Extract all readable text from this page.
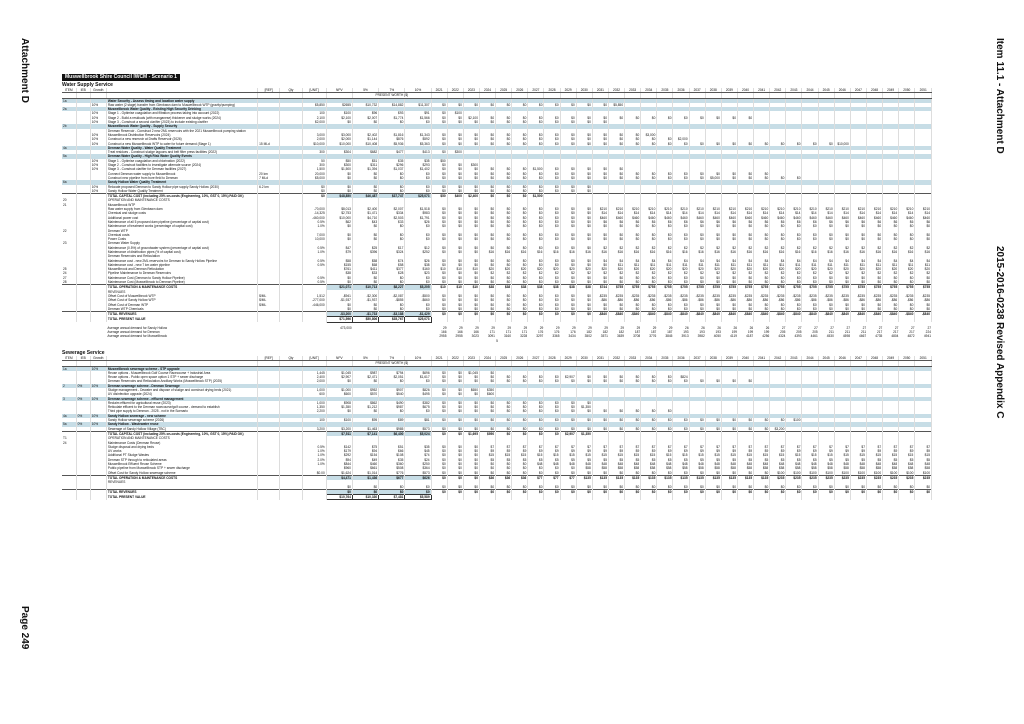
Attachment D
Page 249
Item 11.1 - Attachment D
2015-2016-0238 Revised Appendix C
Muswellbrook Shire Council IWCM - Scenario 1
Water Supply Service
ITEM	IEB	Growth		[REF]	Qty	[UNIT]	NPV	5%	7%	10%	2021	2022	2023	2024	2025	2026	2027	2028	2029	2030	2031	2032	2033	2034	2035	2036	2037	2038	2039	2040	2041	2042	2043	2044	2045	2046	2047	2048	2049	2050	2051
								PRESENT WORTH ($)																																	
1a			Water Security - Assess timing and location water supply																																						
		10%	Raw water (2 stage) transfer from Glenbawn dam to Muswellbrook WTP (gravity/pumping)			$5,850	$2655	$10,732	$14,882	$11,307	$0	$0	$0	$0	$0	$0	$0	$0	$0	$0	$0	$5,850																			
2a			Muswellbrook Water Quality - Existing High Security Drinking																																						
		10%	Stage 1 - Optimise coagulation and filtration process taking into account (2022)			100	$100	$96	$93	$91	$0	$100																													
		10%	Stage 2 - Build a residuals (with manganese) thickener and sludge works (2024)			2,100	$2,100	$2,007	$1,774	$1,566	$0	$0	$2,100	$0	$0	$0	$0	$0	$0	$0	$0	$0	$0	$0	$0	$0	$0	$0	$0	$0											
		10%	Stage 3 - Construct a second clarifier (2023) to include existing clarifier			$2,000	$0	$0	$0	$0	$0	$0	$0	$0	$0	$0	$0	$0	$0	$0	$0																				
2b			Muswellbrook Water Quality - Supply Security																																						
			Denman Reservoir - Construct 2 new 2ML reservoirs with the 2021 Muswellbrook pumping station																																						
		10%	Muswellbrook Distribution Reservoirs (2024)			3,000	$3,000	$2,402	$1,816	$1,343	$0	$0	$0	$0	$0	$0	$0	$0	$0	$0	$0	$0	$0	$3,000																	
		10%	Construct a new reservoir at Drafts Reservoir (2026)			2,000	$2,000	$1,144	$876	$592	$0	$0	$0	$0	$0	$0	$0	$0	$0	$0	$0	$0	$0	$0	$0	$2,000															
		10%	Construct a new Muswellbrook WTP to cater for future demand (Stage 1)	15 MLd		$10,000	$10,000	$10,408	$5,936	$5,363	$0	$0	$0	$0	$0	$0	$0	$0	$0	$0	$0	$0	$0	$0	$0	$0	$0	$0	$0	$0	$0	$0	$0	$0	$0	$10,000					
4a			Denman Water Quality - Water Quality Treatment																																						
			Treat residues - Construct sludge lagoons and belt filter press facilities (2022)			300	$304	$682	$477	$413	$0	$300																													
5a			Denman Water Quality - High Risk Water Quality Events																																						
		10%	Stage 1 - Optimise coagulation and chlorination (2022)			50	$50	$51	$35	$35	$50																														
		10%	Stage 2 - Construct facilities to investigate alternate source (2024)			300	$300	$311	$296	$293	$0	$0	$300																												
		10%	Stage 3 - Construct clarifier for Denman facilities (2027)			1,500	$1,500	$1,394	$1,037	$1,402	$0	$0	$0	$0	$0	$0	$1,500	$0	$0	$0	$0	$0																			
			Connect Denman water supply to Muswellbrook	20 km		20,000	$0	$0	$0	$0	$0	$0	$0	$0	$0	$0	$0	$0	$0	$0	$0	$0	$0	$0	$0	$0	$0	$0	$0	$0	$0										
			Construct new pipeline from bore field to Denman	7 MLd		$5,000	$0	$0	$0	$0	$0	$0	$0	$0	$0	$0	$0	$0	$0	$0	$0	$0	$0	$0	$0	$0	$0	$5,000	$0	$0	$0	$0	$0								
6a			Sandy Hollow Water Quality Treatment																																						
		10%	Relocate proposed Denman to Sandy Hollow pipe supply Sandy Hollow (2030)	6.2 km		$0	$0	$0	$0	$0	$0	$0	$0	$0	$0	$0	$0	$0	$0	$0																					
		10%	Sandy Hollow Water Quality Treatment			$0	$0	$0	$0	$0	$0	$0	$0	$0	$0	$0	$0	$0	$0	$0																					
			TOTAL CAPITAL COST (including 25% on-costs (Engineering, 10%, GST 0, 15%) PAID OK)			$0	$48,850	$46,487	$37,747	$25,073	$50	$400	$2,400	$0	$0	$0	$1,500																								
20			OPERATION AND MAINTENANCE COSTS																																						
21			Muswellbrook WTP																																						
			Raw water supply from Glenbawn dam			-70,000	$8,013	$2,400	$2,007	$1,518	$0	$0	$0	$0	$0	$0	$0	$0	$0	$0	$210	$210	$210	$210	$210	$210	$210	$210	$210	$210	$210	$210	$210	$210	$210	$210	$210	$210	$210	$210	$210
			Chemical and sludge costs			-14,325	$2,753	$1,471	$334	$983	$0	$0	$0	$0	$0	$0	$0	$0	$0	$0	$14	$14	$14	$14	$14	$14	$14	$14	$14	$14	$14	$14	$14	$14	$14	$14	$14	$14	$14	$14	$14
			Additional power cost			-460,000	$10,000	$4,710	$2,503	$1,791	$0	$0	$0	$0	$0	$0	$0	$0	$0	$0	$460	$460	$460	$460	$460	$460	$460	$460	$460	$460	$460	$460	$460	$460	$460	$460	$460	$460	$460	$460	$460
			Maintenance of all 5 proposed dam pipeline (percentage of capital cost)			0.5%	$62	$43	$33	$26	$0	$0	$0	$0	$0	$0	$0	$0	$0	$0	$6	$6	$6	$6	$6	$6	$6	$6	$6	$6	$6	$6	$6	$6	$6	$6	$6	$6	$6	$6	$6
			Maintenance of treatment works (percentage of capital cost)			1.0%	$0	$0	$0	$0	$0	$0	$0	$0	$0	$0	$0	$0	$0	$0	$0	$0	$0	$0	$0	$0	$0	$0	$0	$0	$0	$0	$0	$0	$0	$0	$0	$0	$0	$0	$0
22			Denman WTP																																						
			Chemical costs			7,000	$0	$0	$0	$0	$0	$0	$0	$0	$0	$0	$0	$0	$0	$0	$0	$0	$0	$0	$0	$0	$0	$0	$0	$0	$0	$0	$0	$0	$0	$0	$0	$0	$0	$0	$0
			Power Costs			10,000	$0	$0	$0	$0	$0	$0	$0	$0	$0	$0	$0	$0	$0	$0	$0	$0	$0	$0	$0	$0	$0	$0	$0	$0	$0	$0	$0	$0	$0	$0	$0	$0	$0	$0	$0
23			Denman Water Supply																																						
			Maintenance (0.5%) of groundwater system (percentage of capital cost)			0.5%	$47	$25	$17	$12	$0	$0	$0	$0	$0	$0	$0	$0	$0	$0	$2	$2	$2	$2	$2	$2	$2	$2	$2	$2	$2	$2	$2	$2	$2	$2	$2	$2	$2	$2	$2
			Maintenance of distribution pipes (% of capital cost)			1.0%	$79	$396	$324	$252	$0	$0	$0	$16	$16	$16	$16	$16	$16	$16	$16	$16	$16	$16	$16	$16	$16	$16	$16	$16	$16	$16	$16	$16	$16	$16	$16	$16	$16	$16	$16
			Denman Reservoirs and Reticulation																																						
			Maintenance cost - new 2ML reservoirs for Denman to Sandy Hollow Pipeline			0.5%	$58	$58	$74	$26	$0	$0	$0	$0	$0	$0	$0	$0	$0	$0	$4	$4	$4	$4	$4	$4	$4	$4	$4	$4	$4	$4	$4	$4	$4	$4	$4	$4	$4	$4	$4
			Maintenance cost - new 7 km water pipeline			0.5%	$155	$68	$58	$38	$0	$0	$0	$0	$0	$0	$0	$0	$0	$0	$0	$11	$11	$11	$11	$11	$11	$11	$11	$11	$11	$11	$11	$11	$11	$11	$11	$11	$11	$11	$11
25			Muswellbrook and Denman Reticulation				$761	$411	$377	$160	$10	$10	$10	$20	$20	$20	$20	$20	$20	$20	$20	$20	$20	$20	$20	$20	$20	$20	$20	$20	$20	$20	$20	$20	$20	$20	$20	$20	$20	$20	$20
24			Pipeline Maintenance to Denman Reservoirs				$38	$33	$28	$23	$0	$0	$0	$2	$2	$2	$2	$2	$2	$2	$2	$2	$2	$2	$2	$2	$2	$2	$2	$2	$2	$2	$2	$2	$2	$2	$2	$2	$2	$2	$2
27			Maintenance Cost (Denman to Sandy Hollow Pipeline)			0.5%	$0	$0	$0	$0	$0	$0	$0	$0	$0	$0	$0	$0	$0	$0	$0	$0	$0	$0	$0	$0	$0	$0	$0	$0	$0	$0	$0	$0	$0	$0	$0	$0	$0	$0	$0
28			Maintenance Cost (Muswellbrook to Denman Pipeline)			0.5%	$0	$0	$0	$0	$0	$0	$0	$0	$0	$0	$0	$0	$0	$0	$0	$0	$0	$0	$0	$0	$0	$0	$0	$0	$0	$0	$0	$0	$0	$0	$0	$0	$0	$0	$0
			TOTAL OPERATION & MAINTENANCE COSTS				$21,071	$10,713	$8,227	$5,205	$10	$10	$10	$38	$38	$38	$38	$38	$38	$38	$744	$755	$755	$755	$755	$755	$755	$755	$755	$755	$755	$755	$755	$755	$755	$755	$755	$755	$755	$755	$755
			REVENUES																																						
			Offset Cost of Muswellbrook WTP	$/ML		1,512	-$941	-$2,300	-$2,087	-$500	$0	$0	$0	$0	$0	$0	$0	$0	$0	$0	-$235	-$235	-$235	-$235	-$235	-$235	-$235	-$235	-$235	-$235	-$235	-$235	-$235	-$235	-$235	-$235	-$235	-$235	-$235	-$235	-$235
			Offset Cost of Sandy Hollow WTP	$/ML		-277,000	-$1,937	-$1,937	-$855	-$660	$0	$0	$0	$0	$0	$0	$0	$0	$0	$0	-$86	-$86	-$86	-$86	-$86	-$86	-$86	-$86	-$86	-$86	-$86	-$86	-$86	-$86	-$86	-$86	-$86	-$86	-$86	-$86	-$86
			Offset Cost of Denman WTP	$/ML		-446,000	$0	$0	$0	$0	$0	$0	$0	$0	$0	$0	$0	$0	$0	$0	$0	$0	$0	$0	$0	$0	$0	$0	$0	$0	$0	$0	$0	$0	$0	$0	$0	$0	$0	$0	$0
			Denman WTP Chemicals				$0	$0	$0	$0	$0	$0	$0	$0	$0	$0	$0	$0	$0	$0	$0	$0	$0	$0	$0	$0	$0	$0	$0	$0	$0	$0	$0	$0	$0	$0	$0	$0	$0	$0	$0
			TOTAL REVENUES				-$3,200	-$1,733	-$3,188	-$1,429	$0	$0	$0	$0	$0	$0	$0	$0	$0	$0	-$840	-$840	-$840	-$840	-$840	-$840	-$840	-$840	-$840	-$840	-$840	-$840	-$840	-$840	-$840	-$840	-$840	-$840	-$840	-$840	-$840
			TOTAL PRESENT VALUE				$71,596	$50,806	$35,767	$25,073																															
			Average annual demand for Sandy Hollow				473,000				29	29	29	29	29	29	29	29	29	29	29	29	29	29	29	26	26	26	26	26	26	27	27	27	27	27	27	27	27	27	27
			Average annual demand for Denman								166	166	166	171	171	171	176	176	176	182	182	182	187	187	187	193	193	193	199	199	199	205	205	205	211	211	211	217	217	217	224
			Average annual demand for Muswellbrook								2955	2955	3023	3091	3160	3228	3297	3365	3434	3502	3571	3639	3708	3776	3845	3913	3982	4050	4119	4187	4256	4324	4393	4461	4530	4598	4667	4735	4804	4872	4941
5
Sewerage Service
ITEM	IEB	Growth		[REF]	Qty	[UNIT]	NPV	5%	7%	10%	2021	2022	2023	2024	2025	2026	2027	2028	2029	2030	2031	2032	2033	2034	2035	2036	2037	2038	2039	2040	2041	2042	2043	2044	2045	2046	2047	2048	2049	2050	2051
								PRESENT WORTH ($)																																	
1a		10%	Muswellbrook sewerage scheme - STP upgrade																																						
			Reuse options - Muswellbrook Golf Course Racecourse + Industrial Area			1,445	$1,045	$987	$794	$696	$0	$0	$1,045	$0																											
			Reuse options - Public open space option 1 STP + sewer discharge			2,400	$2,907	$2,471	$2,051	$1,617	$0	$0	$0	$0	$0	$0	$0	$0	$2,907	$0	$0	$0	$0	$0	$0	$824															
			Denman Reservoirs and Reticulation Ancillary Works (Muswellbrook STP) (2025)			2,000	$0	$0	$0	$0	$0	$0	$0	$0	$0	$0	$0	$0	$0	$0	$0	$0	$0	$0	$0	$0	$0	$0	$0	$0											
2	0%	10%	Denman sewerage scheme - Denman Sewerage																																						
			Sludge management - Dewater and dispose of sludge and construct drying beds (2021)			1,000	$1,000	$952	$907	$826	$0	$0	$650	$350																											
			UV disinfection upgrade (2024)			600	$600	$570	$540	$495	$0	$0	$0	$600																											
3	0%	10%	Denman sewerage scheme - effluent management																																						
			Reclaim effluent for agricultural reuse (2023)			1,000	$908	$862	$490	$382	$0	$0	$0	$0	$0	$0	$0	$0	$0	$0																					
			Reticulate effluent to the Denman racecourse/golf course - demand to establish			1,350	$1,350	$1,212	$987	$675	$0	$0	$0	$0	$0	$0	$0	$0	$0	$1,350																					
			Third pipe supply to Denman - 2025 - not in the Scenario			2,200	$0	$0	$0	$0	$0	$0	$0	$0	$0	$0	$0	$0	$0	$0	$0	$0	$0	$0	$0																
4a	0%	10%	Sandy Hollow sewerage - new scheme																																						
			Sandy Hollow sewerage scheme (2026)			100	$100	$95	$89	$81	$0	$0	$0	$0	$0	$0	$0	$0	$0	$0	$0	$0	$0	$0	$0	$0	$0	$0	$0	$0	$0	$0	$100								
5a	0%	10%	Sandy Hollow - Wastewater reuse																																						
			Sewerage of Sandy Hollow Village (TBC)			3,200	$3,200	$1,463	$985	$573	$0	$0	$0	$0	$0	$0	$0	$0	$0	$0	$0	$0	$0	$0	$0	$0	$0	$0	$0	$0	$0	$3,200									
			TOTAL CAPITAL COST (including 25% on-costs (Engineering, 10%, GST 0, 15%) PAID OK)				$7,511	$7,141	$6,400	$5,024	$0	$0	$1,695	$950	$0	$0	$0	$0	$2,907	$1,350																					
T1			OPERATION AND MAINTENANCE COSTS																																						
24			Maintenance Costs (Denman Reuse)																																						
			Sludge disposal and drying beds			0.5%	$142	$75	$51	$35	$0	$0	$0	$7	$7	$7	$7	$7	$7	$7	$7	$7	$7	$7	$7	$7	$7	$7	$7	$7	$7	$7	$7	$7	$7	$7	$7	$7	$7	$7	$7
			UV works			1.0%	$179	$94	$66	$45	$0	$0	$0	$9	$9	$9	$9	$9	$9	$9	$9	$9	$9	$9	$9	$9	$9	$9	$9	$9	$9	$9	$9	$9	$9	$9	$9	$9	$9	$9	$9
			Additional PT Sludge Wastes			1.0%	$292	$154	$108	$74	$0	$0	$0	$15	$15	$15	$15	$15	$15	$15	$15	$15	$15	$15	$15	$15	$15	$15	$15	$15	$15	$15	$15	$15	$15	$15	$15	$15	$15	$15	$15
			Denman STP through to reticulated areas			2.0%	$94	$49	$35	$24	$0	$0	$0	$5	$5	$5	$5	$5	$5	$5	$5	$5	$5	$5	$5	$5	$5	$5	$5	$5	$5	$5	$5	$5	$5	$5	$5	$5	$5	$5	$5
			Muswellbrook Effluent Reuse Scheme			1.0%	$844	$460	$360	$250	$0	$0	$0	$0	$0	$0	$48	$48	$48	$48	$48	$48	$48	$48	$48	$48	$48	$48	$48	$48	$48	$48	$48	$48	$48	$48	$48	$48	$48	$48	$48
			Public pipeline from Muswellbrook STP + sewer discharge				$960	$661	$508	$364	$0	$0	$0	$0	$0	$0	$0	$0	$0	$58	$58	$58	$58	$58	$58	$58	$58	$58	$58	$58	$58	$58	$58	$58	$58	$58	$58	$58	$58	$58	$58
			Offset Cost for Sandy Hollow sewerage scheme			$0.00	$1,624	$1,014	$776	$573	$0	$0	$0	$0	$0	$0	$0	$0	$0	$0	$0	$0	$0	$0	$0	$0	$0	$0	$0	$0	$0	$100	$100	$100	$100	$100	$100	$100	$100	$100	$100
			TOTAL OPERATION & MAINTENANCE COSTS				$4,471	$1,436	$677	$626	$0	$0	$0	$36	$36	$36	$77	$77	$77	$135	$135	$135	$135	$135	$135	$135	$135	$135	$135	$135	$135	$235	$235	$235	$235	$235	$235	$235	$235	$235	$235
			REVENUES																																						
							$0	$0	$0	$0	$0	$0	$0	$0	$0	$0	$0	$0	$0	$0	$0	$0	$0	$0	$0	$0	$0	$0	$0	$0	$0	$0	$0	$0	$0	$0	$0	$0	$0	$0	$0
			TOTAL REVENUES				$0	$0	$0	$0	$0	$0	$0	$0	$0	$0	$0	$0	$0	$0	$0	$0	$0	$0	$0	$0	$0	$0	$0	$0	$0	$0	$0	$0	$0	$0	$0	$0	$0	$0	$0
			TOTAL PRESENT VALUE				$10,764	$10,330	$7,481	$5,589																															
